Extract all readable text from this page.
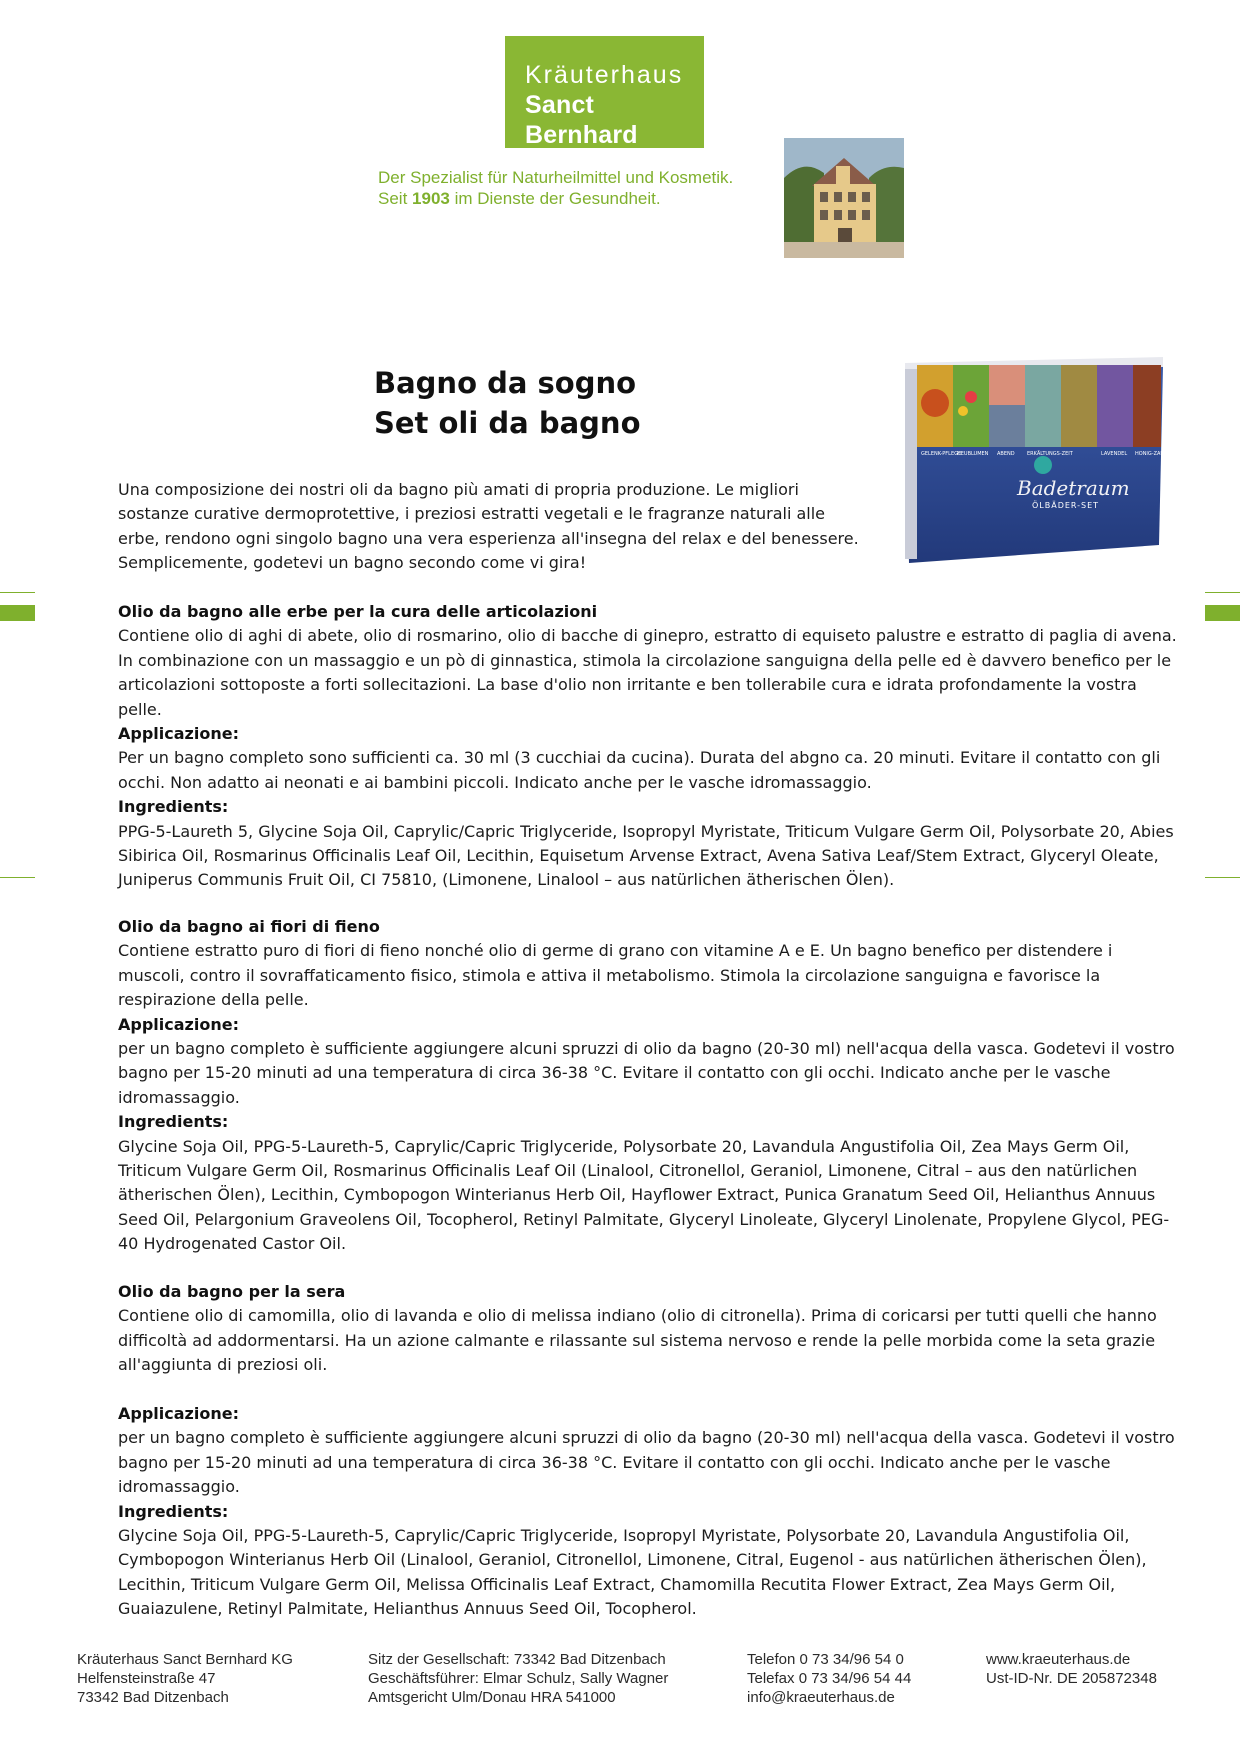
Kräuterhaus
Sanct Bernhard
Der Spezialist für Naturheilmittel und Kosmetik.
Seit 1903 im Dienste der Gesundheit.
Bagno da sogno
Set oli da bagno
GELENK-PFLEGE
HEUBLUMEN ABEND ERKÄLTUNGS-ZEIT	LAVENDEL HONIG-ZAUBER
Badetraum
ÖLBÄDER-SET

Una composizione dei nostri oli da bagno più amati di propria produzione. Le migliori sostanze curative dermoprotettive, i preziosi estratti vegetali e le fragranze naturali alle erbe, rendono ogni singolo bagno una vera esperienza all'insegna del relax e del benessere. Semplicemente, godetevi un bagno secondo come vi gira!

Olio da bagno alle erbe per la cura delle articolazioni

Contiene olio di aghi di abete, olio di rosmarino, olio di bacche di ginepro, estratto di equiseto palustre e estratto di paglia di avena. In combinazione con un massaggio e un pò di ginnastica, stimola la circolazione sanguigna della pelle ed è davvero benefico per le articolazioni sottoposte a forti sollecitazioni. La base d'olio non irritante e ben tollerabile cura e idrata profondamente la vostra pelle.

Applicazione:

Per un bagno completo sono sufficienti ca. 30 ml (3 cucchiai da cucina). Durata del abgno ca. 20 minuti. Evitare il contatto con gli occhi. Non adatto ai neonati e ai bambini piccoli. Indicato anche per le vasche idromassaggio.

Ingredients:

PPG-5-Laureth 5, Glycine Soja Oil, Caprylic/Capric Triglyceride, Isopropyl Myristate, Triticum Vulgare Germ Oil, Polysorbate 20, Abies Sibirica Oil, Rosmarinus Officinalis Leaf Oil, Lecithin, Equisetum Arvense Extract, Avena Sativa Leaf/Stem Extract, Glyceryl Oleate, Juniperus Communis Fruit Oil, CI 75810, (Limonene, Linalool – aus natürlichen ätherischen Ölen).

Olio da bagno ai fiori di fieno

Contiene estratto puro di fiori di fieno nonché olio di germe di grano con vitamine A e E. Un bagno benefico per distendere i muscoli, contro il sovraffaticamento fisico, stimola e attiva il metabolismo. Stimola la circolazione sanguigna e favorisce la respirazione della pelle.

Applicazione:

per un bagno completo è sufficiente aggiungere alcuni spruzzi di olio da bagno (20-30 ml) nell'acqua della vasca. Godetevi il vostro bagno per 15-20 minuti ad una temperatura di circa 36-38 °C. Evitare il contatto con gli occhi. Indicato anche per le vasche idromassaggio.

Ingredients:

Glycine Soja Oil, PPG-5-Laureth-5, Caprylic/Capric Triglyceride, Polysorbate 20, Lavandula Angustifolia Oil, Zea Mays Germ Oil, Triticum Vulgare Germ Oil, Rosmarinus Officinalis Leaf Oil (Linalool, Citronellol, Geraniol, Limonene, Citral – aus den natürlichen ätherischen Ölen), Lecithin, Cymbopogon Winterianus Herb Oil, Hayflower Extract, Punica Granatum Seed Oil, Helianthus Annuus Seed Oil, Pelargonium Graveolens Oil, Tocopherol, Retinyl Palmitate, Glyceryl Linoleate, Glyceryl Linolenate, Propylene Glycol, PEG-40 Hydrogenated Castor Oil.

Olio da bagno per la sera

Contiene olio di camomilla, olio di lavanda e olio di melissa indiano (olio di citronella). Prima di coricarsi per tutti quelli che hanno difficoltà ad addormentarsi. Ha un azione calmante e rilassante sul sistema nervoso e rende la pelle morbida come la seta grazie all'aggiunta di preziosi oli.

Applicazione:

per un bagno completo è sufficiente aggiungere alcuni spruzzi di olio da bagno (20-30 ml) nell'acqua della vasca. Godetevi il vostro bagno per 15-20 minuti ad una temperatura di circa 36-38 °C. Evitare il contatto con gli occhi. Indicato anche per le vasche idromassaggio.

Ingredients:

Glycine Soja Oil, PPG-5-Laureth-5, Caprylic/Capric Triglyceride, Isopropyl Myristate, Polysorbate 20, Lavandula Angustifolia Oil, Cymbopogon Winterianus Herb Oil (Linalool, Geraniol, Citronellol, Limonene, Citral, Eugenol - aus natürlichen ätherischen Ölen), Lecithin, Triticum Vulgare Germ Oil, Melissa Officinalis Leaf Extract, Chamomilla Recutita Flower Extract, Zea Mays Germ Oil, Guaiazulene, Retinyl Palmitate, Helianthus Annuus Seed Oil, Tocopherol.

Kräuterhaus Sanct Bernhard KG
Helfensteinstraße 47
73342 Bad Ditzenbach
Sitz der Gesellschaft: 73342 Bad Ditzenbach
Geschäftsführer: Elmar Schulz, Sally Wagner
Amtsgericht Ulm/Donau HRA 541000
Telefon 0 73 34/96 54 0
Telefax 0 73 34/96 54 44
info@kraeuterhaus.de
www.kraeuterhaus.de
Ust-ID-Nr. DE 205872348
